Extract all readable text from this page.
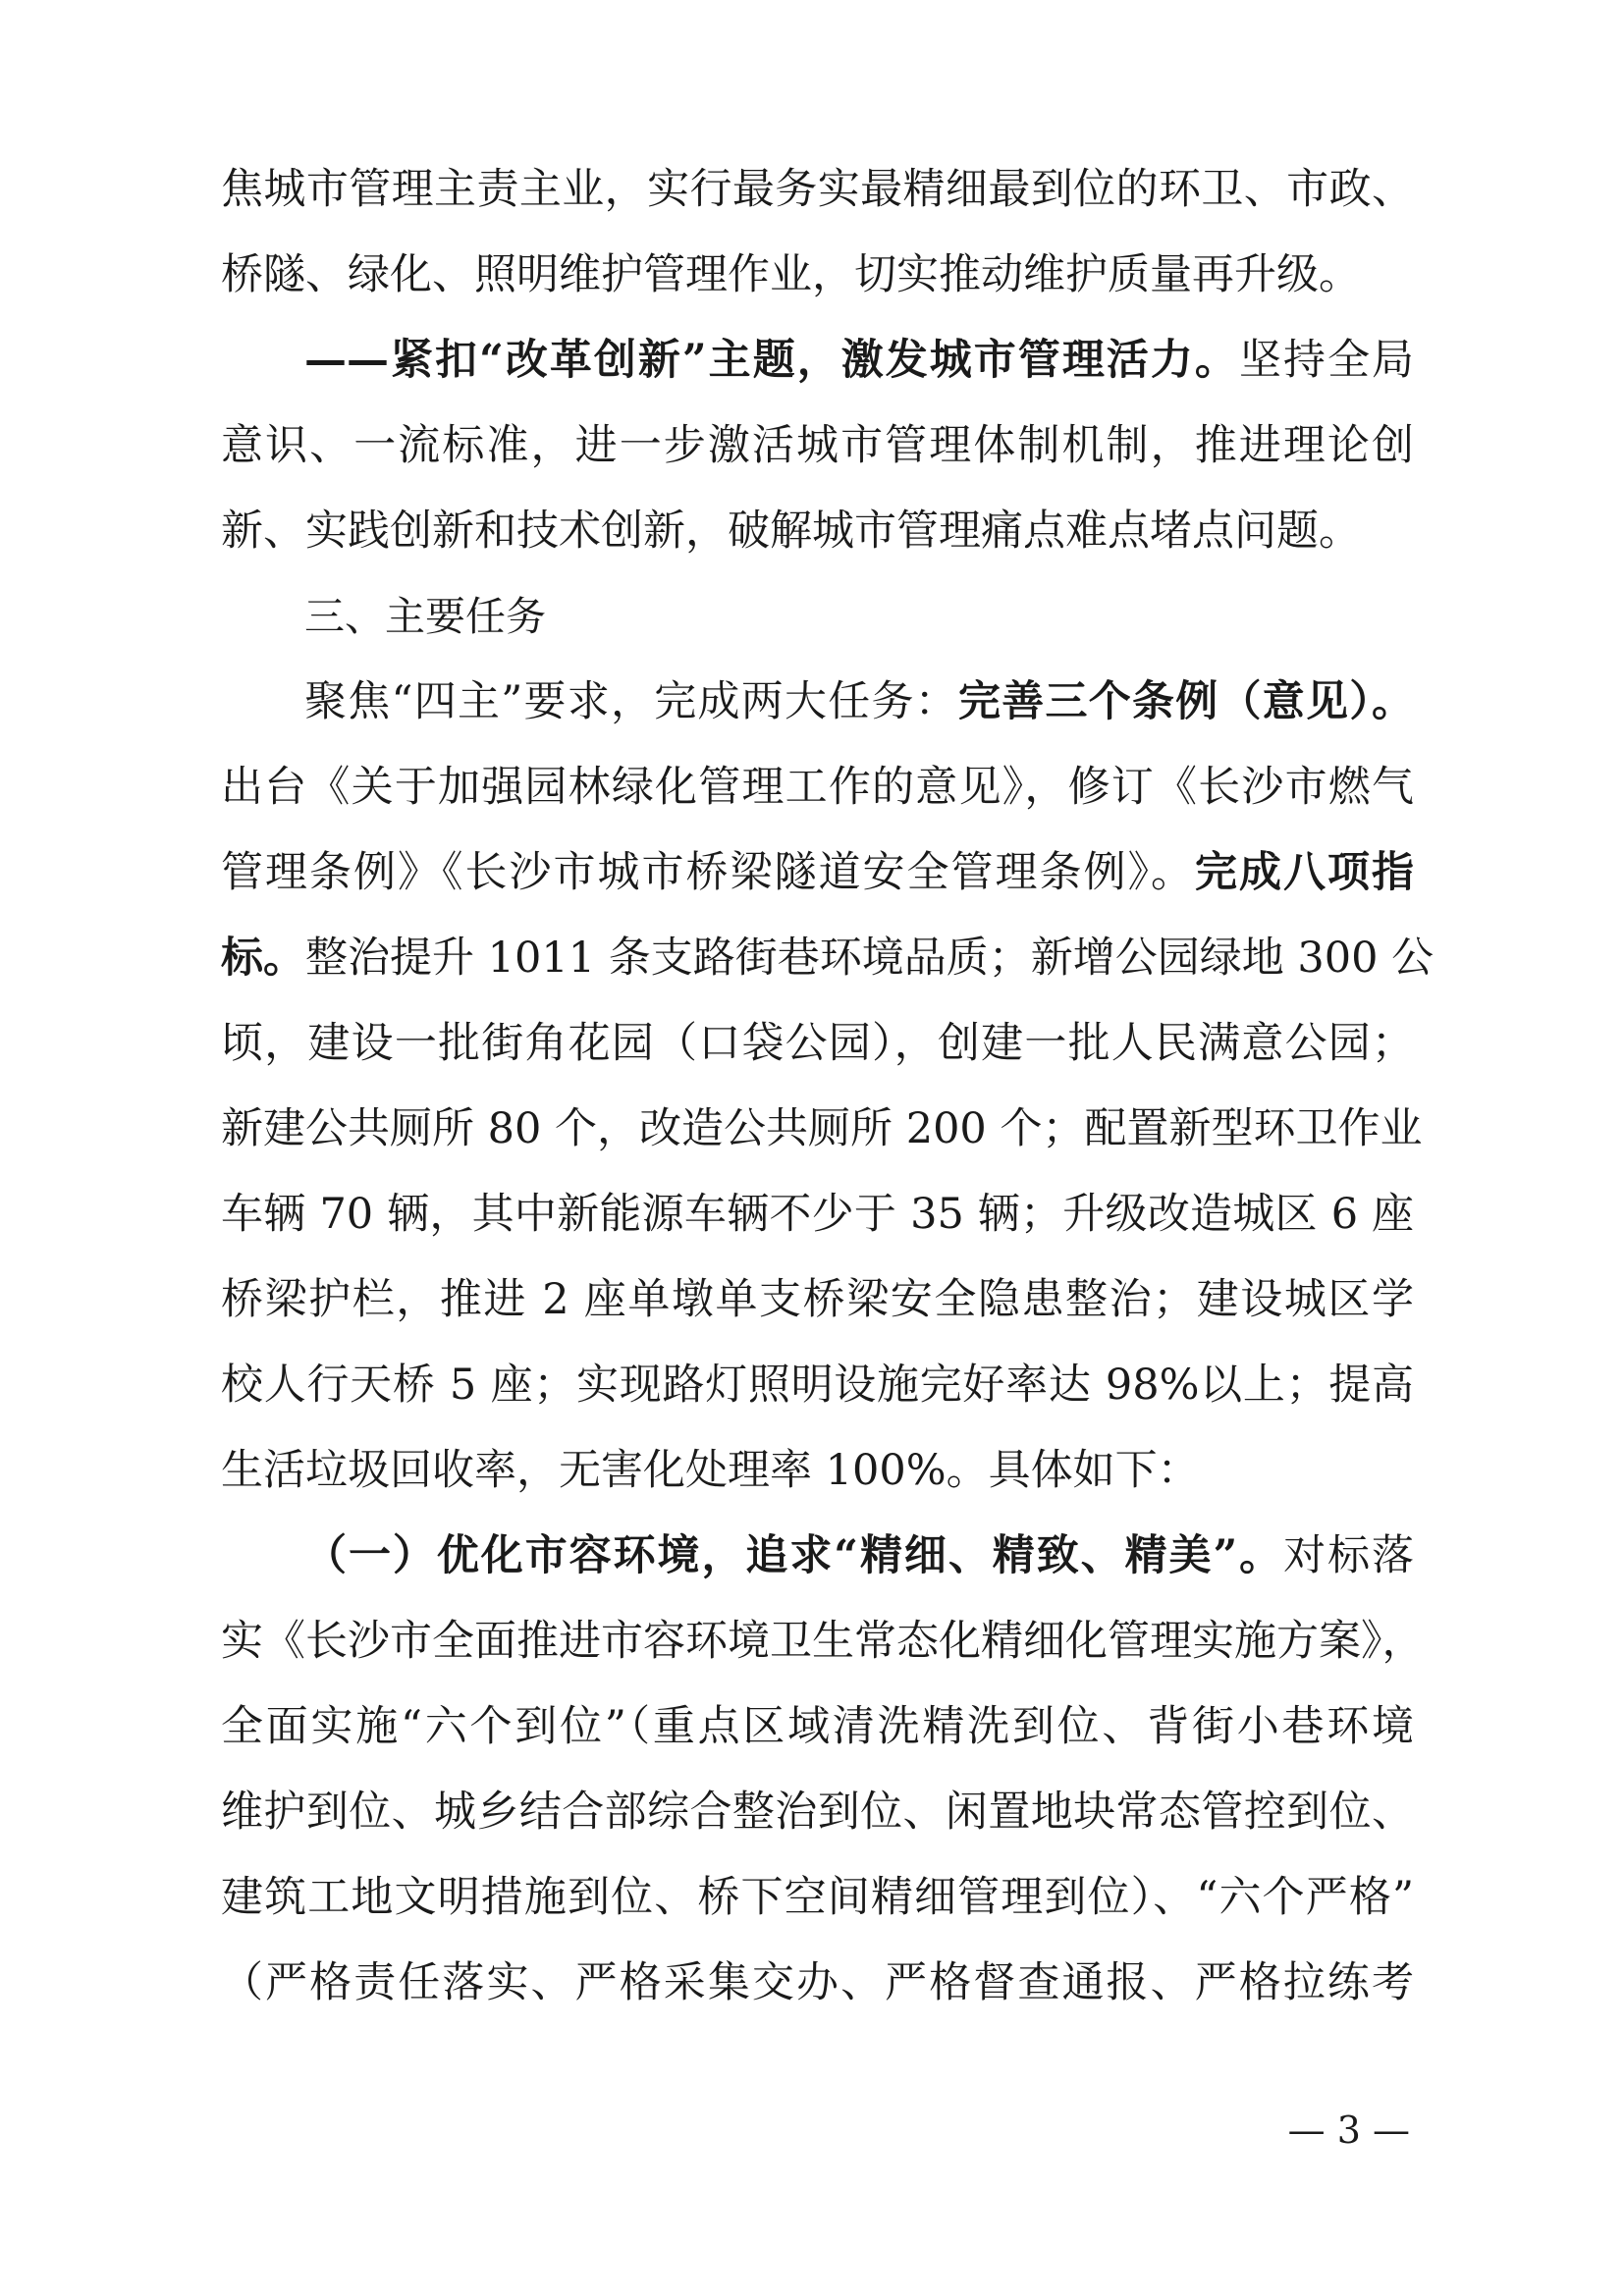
焦城市管理主责主业，实行最务实最精细最到位的环卫、市政、
桥隧、绿化、照明维护管理作业，切实推动维护质量再升级。
——紧扣“改革创新”主题，激发城市管理活力。坚持全局
意识、一流标准，进一步激活城市管理体制机制，推进理论创
新、实践创新和技术创新，破解城市管理痛点难点堵点问题。
三、主要任务
聚焦“四主”要求，完成两大任务：完善三个条例（意见）。
出台《关于加强园林绿化管理工作的意见》，修订《长沙市燃气
管理条例》《长沙市城市桥梁隧道安全管理条例》。完成八项指
标。整治提升 1011 条支路街巷环境品质；新增公园绿地 300 公
顷，建设一批街角花园（口袋公园），创建一批人民满意公园；
新建公共厕所 80 个，改造公共厕所 200 个；配置新型环卫作业
车辆 70 辆，其中新能源车辆不少于 35 辆；升级改造城区 6 座
桥梁护栏，推进 2 座单墩单支桥梁安全隐患整治；建设城区学
校人行天桥 5 座；实现路灯照明设施完好率达 98%以上；提高
生活垃圾回收率，无害化处理率 100%。具体如下：
（一）优化市容环境，追求“精细、精致、精美”。对标落
实《长沙市全面推进市容环境卫生常态化精细化管理实施方案》，
全面实施“六个到位”（重点区域清洗精洗到位、背街小巷环境
维护到位、城乡结合部综合整治到位、闲置地块常态管控到位、
建筑工地文明措施到位、桥下空间精细管理到位）、“六个严格”
（严格责任落实、严格采集交办、严格督查通报、严格拉练考
— 3 —
